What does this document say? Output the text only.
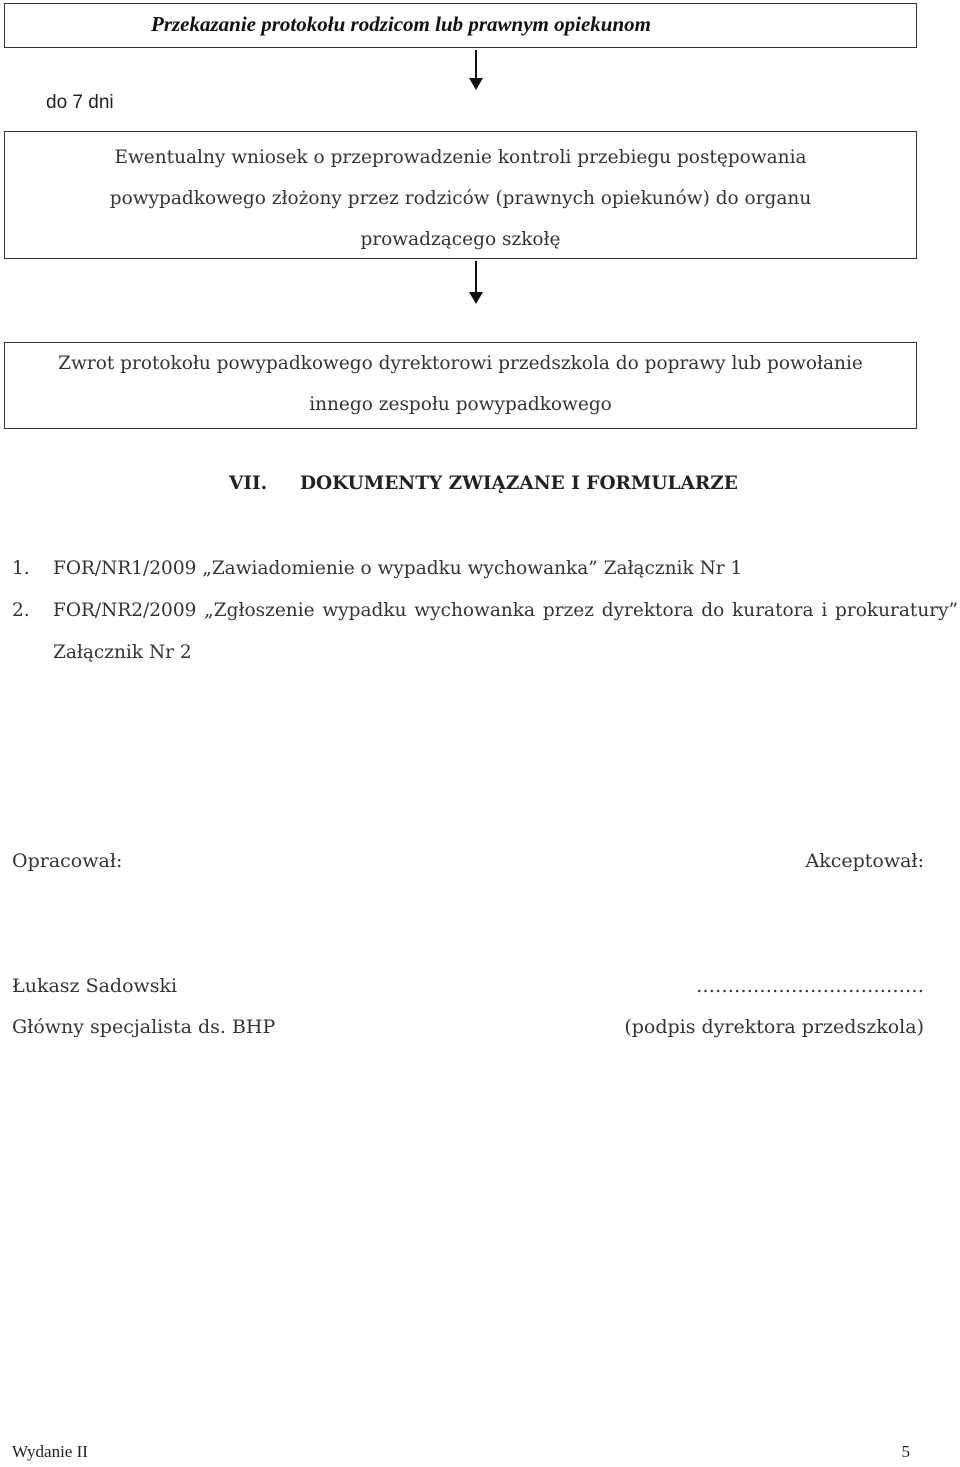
Przekazanie protokołu rodzicom lub prawnym opiekunom
do 7 dni
Ewentualny wniosek o przeprowadzenie kontroli przebiegu postępowania
powypadkowego złożony przez rodziców (prawnych opiekunów) do organu
prowadzącego szkołę
Zwrot protokołu powypadkowego dyrektorowi przedszkola do poprawy lub powołanie
innego zespołu powypadkowego
VII. DOKUMENTY ZWIĄZANE I FORMULARZE
1. FOR/NR1/2009 „Zawiadomienie o wypadku wychowanka” Załącznik Nr 1
2. FOR/NR2/2009 „Zgłoszenie wypadku wychowanka przez dyrektora do kuratora i prokuratury” Załącznik Nr 2
Opracował:	Akceptował:
Łukasz Sadowski	………………………………
Główny specjalista ds. BHP	(podpis dyrektora przedszkola)
Wydanie II	5
